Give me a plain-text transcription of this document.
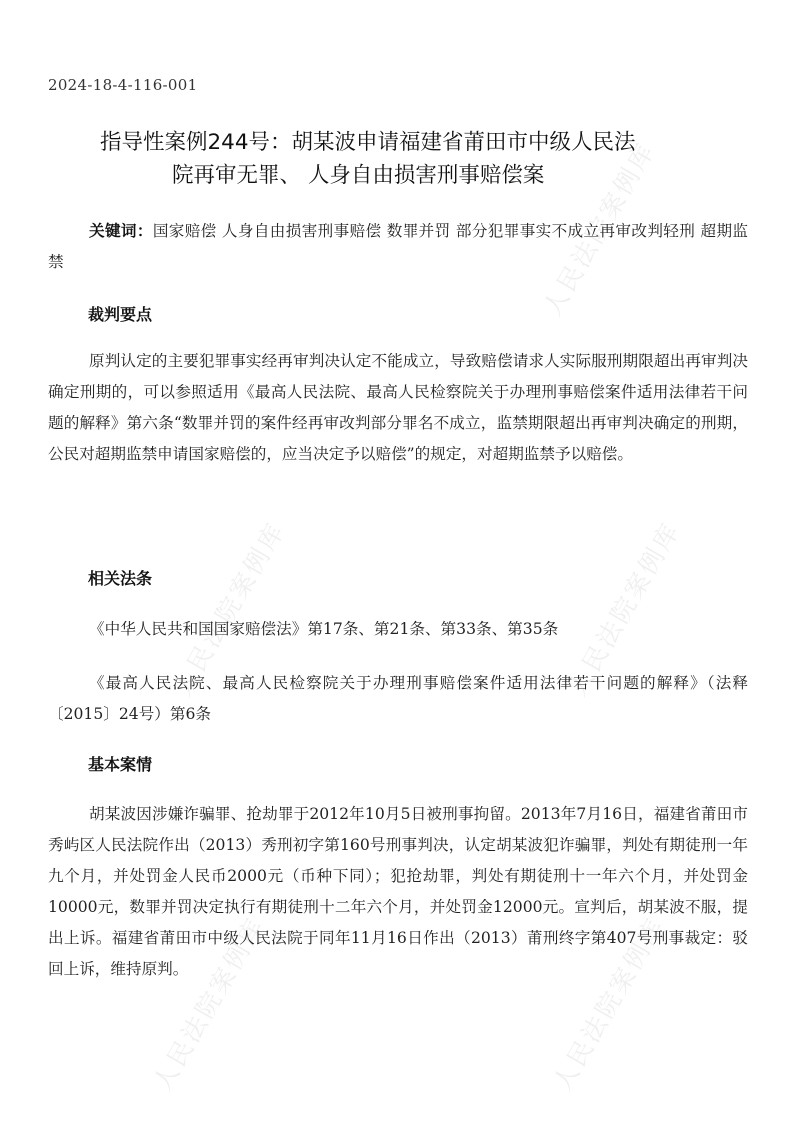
人民法院案例库
人民法院案例库	人民法院案例库
人民法院案例库	人民法院案例库
2024-18-4-116-001
指导性案例244号：胡某波申请福建省莆田市中级人民法
院再审无罪、 人身自由损害刑事赔偿案
关键词：国家赔偿 人身自由损害刑事赔偿 数罪并罚 部分犯罪事实不成立再审改判轻刑 超期监禁
裁判要点
原判认定的主要犯罪事实经再审判决认定不能成立，导致赔偿请求人实际服刑期限超出再审判决确定刑期的，可以参照适用《最高人民法院、最高人民检察院关于办理刑事赔偿案件适用法律若干问题的解释》第六条“数罪并罚的案件经再审改判部分罪名不成立，监禁期限超出再审判决确定的刑期，公民对超期监禁申请国家赔偿的，应当决定予以赔偿”的规定，对超期监禁予以赔偿。
相关法条
《中华人民共和国国家赔偿法》第17条、第21条、第33条、第35条
《最高人民法院、最高人民检察院关于办理刑事赔偿案件适用法律若干问题的解释》（法释〔2015〕24号）第6条
基本案情
胡某波因涉嫌诈骗罪、抢劫罪于2012年10月5日被刑事拘留。2013年7月16日，福建省莆田市秀屿区人民法院作出（2013）秀刑初字第160号刑事判决，认定胡某波犯诈骗罪，判处有期徒刑一年九个月，并处罚金人民币2000元（币种下同）；犯抢劫罪，判处有期徒刑十一年六个月，并处罚金10000元，数罪并罚决定执行有期徒刑十二年六个月，并处罚金12000元。宣判后，胡某波不服，提出上诉。福建省莆田市中级人民法院于同年11月16日作出（2013）莆刑终字第407号刑事裁定：驳回上诉，维持原判。
